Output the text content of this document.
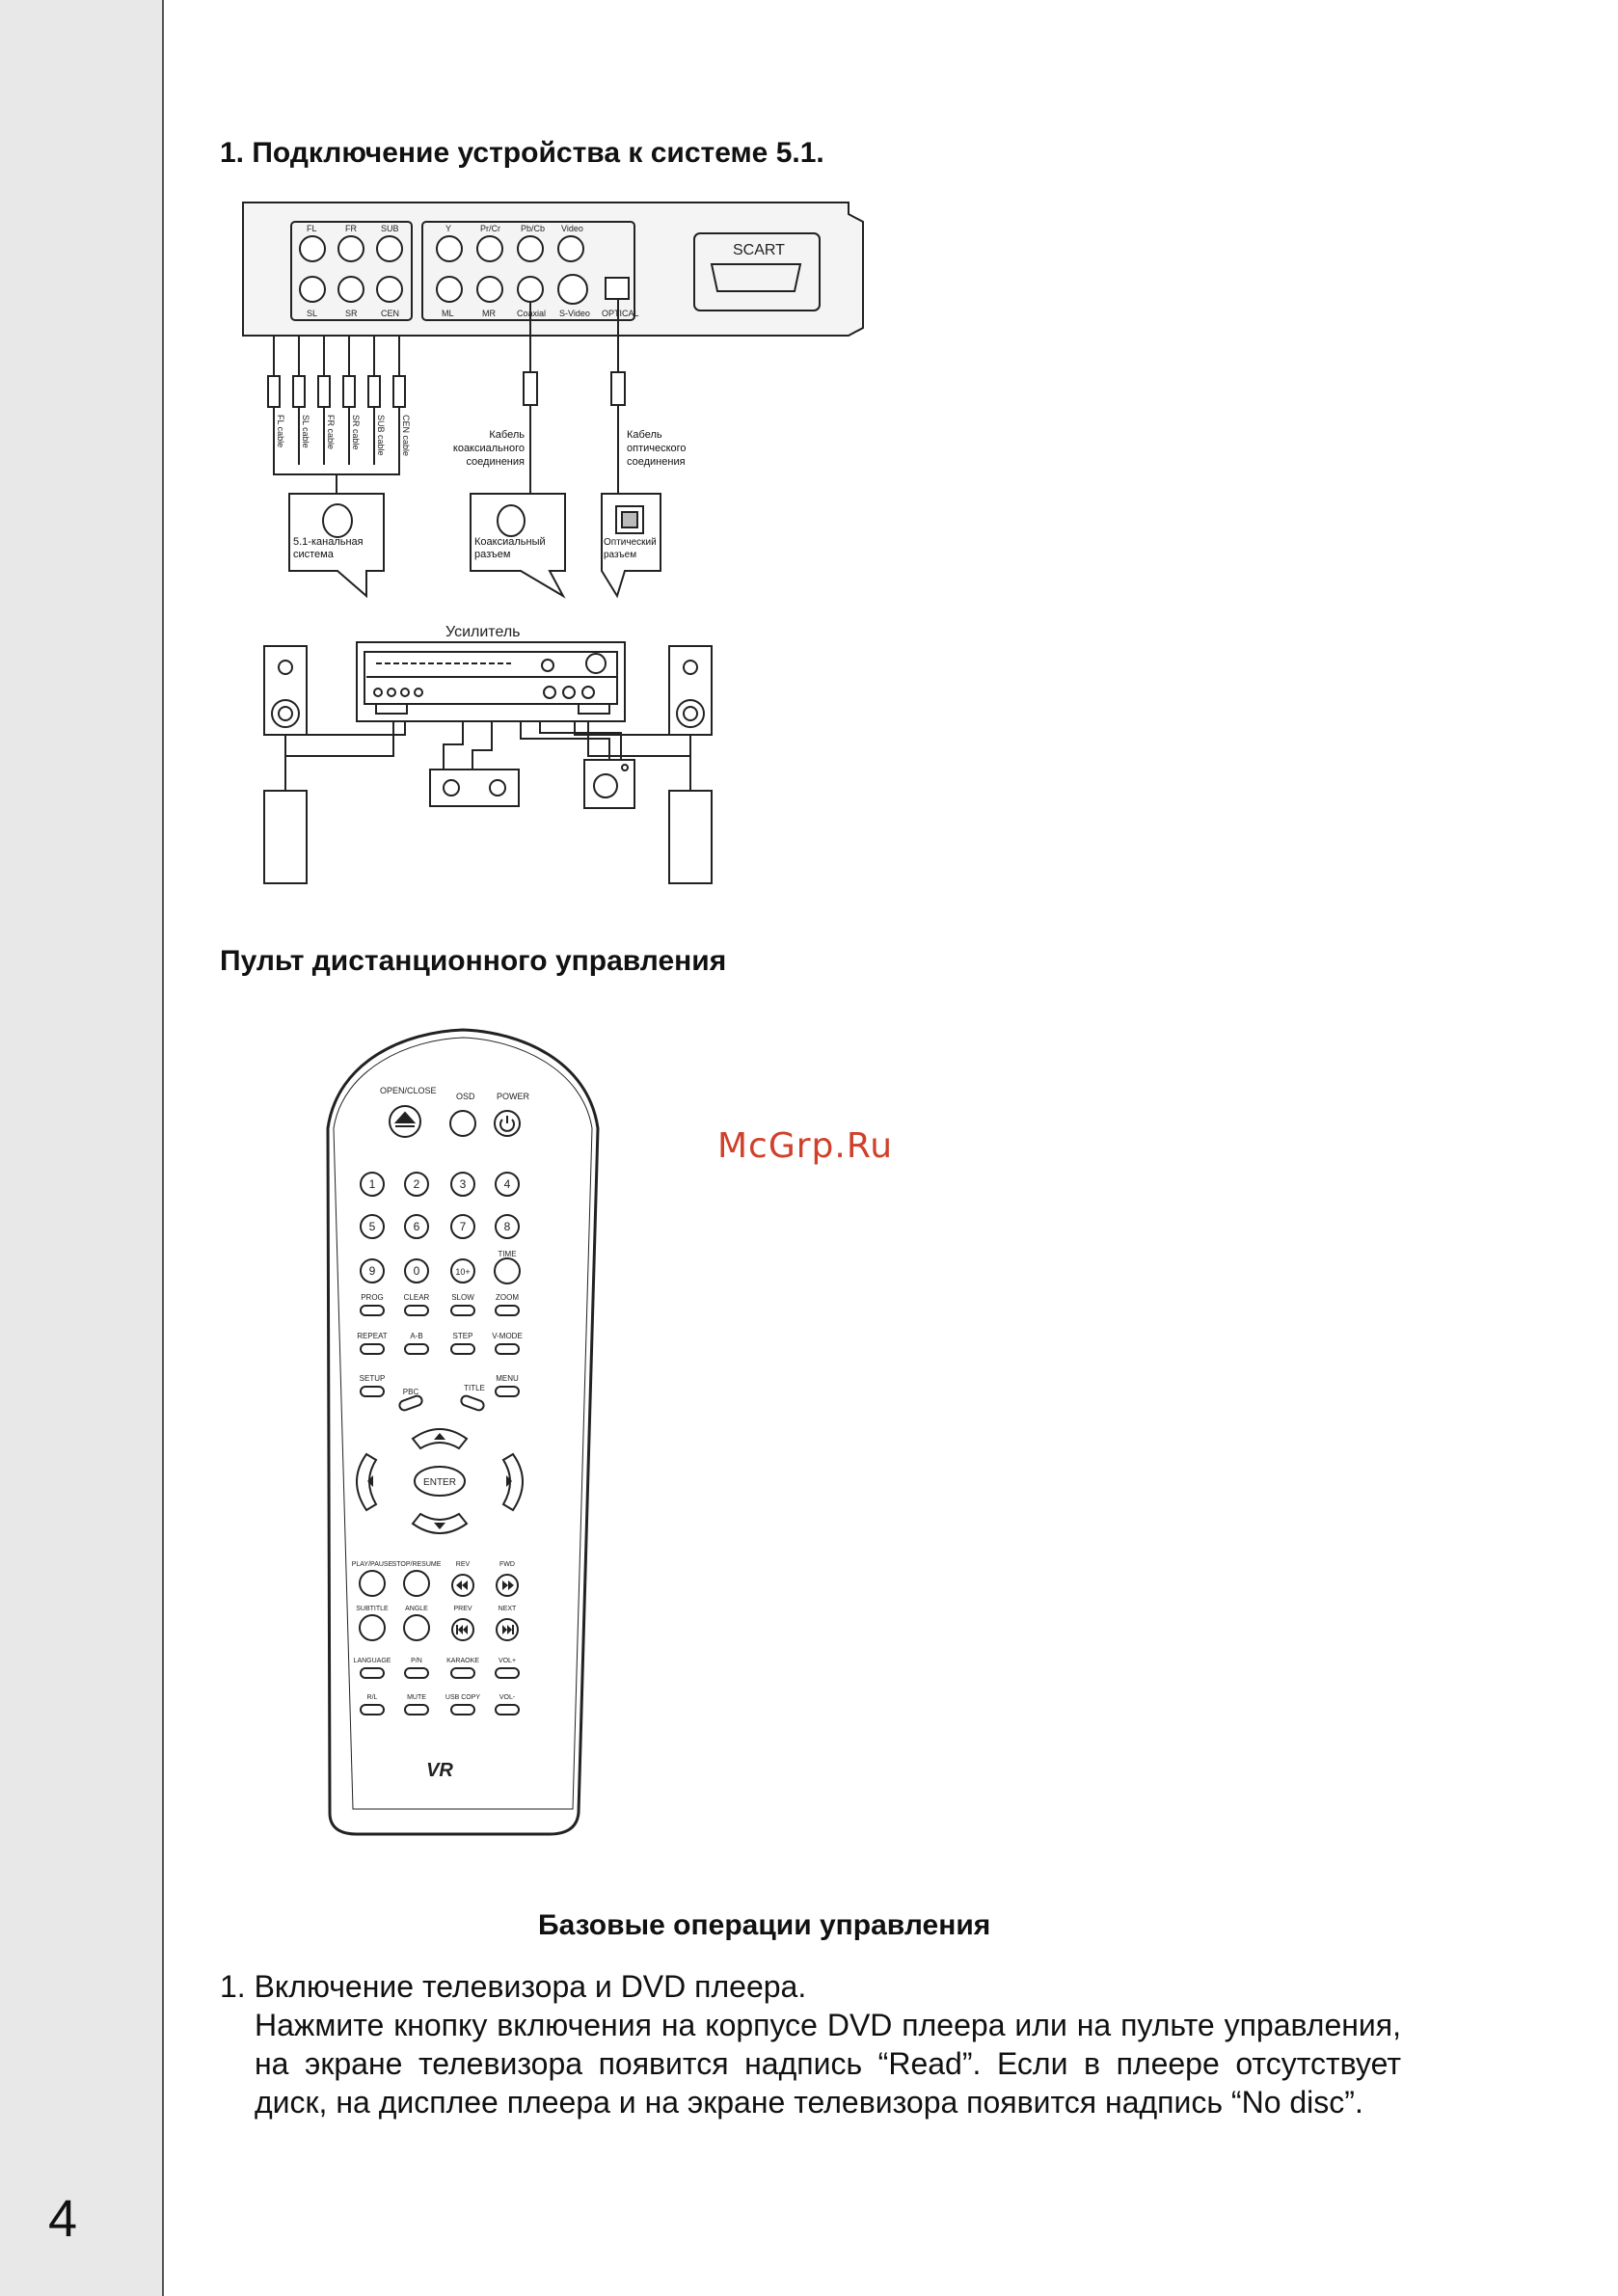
4
1. Подключение устройства к системе 5.1.
SCART
FL	FR	SUB
SL	SR	CEN
Y	Pr/Cr Pb/Cb Video
ML	MR Coaxial S-Video OPTICAL
FL cable SL cable FR cable SR cable SUB cable CEN cable	Кабель коаксиального соединения
Кабель оптического соединения
5.1-канальная система
Коаксиальный разъем
Оптический разъем
Усилитель
Пульт дистанционного управления
OPEN/CLOSE
OSD POWER
1	2	3	4
5	6	7	8
9	0	10+
TIME
PROG	CLEAR	SLOW	ZOOM
REPEAT	A-B	STEP V-MODE
SETUP
PBC	TITLE
MENU
ENTER
PLAY/PAUSE STOP/RESUME REV	FWD
SUBTITLE ANGLE	PREV	NEXT
LANGUAGE	P/N	KARAOKE	VOL+
R/L	MUTE	USB COPY	VOL-
VR
McGrp.Ru
Базовые операции управления
1. Включение телевизора и DVD плеера.
Нажмите кнопку включения на корпусе DVD плеера или на пульте управления, на экране телевизора появится надпись “Read”. Если в плеере отсутствует диск, на дисплее плеера и на экране телевизора появится надпись “No disc”.
